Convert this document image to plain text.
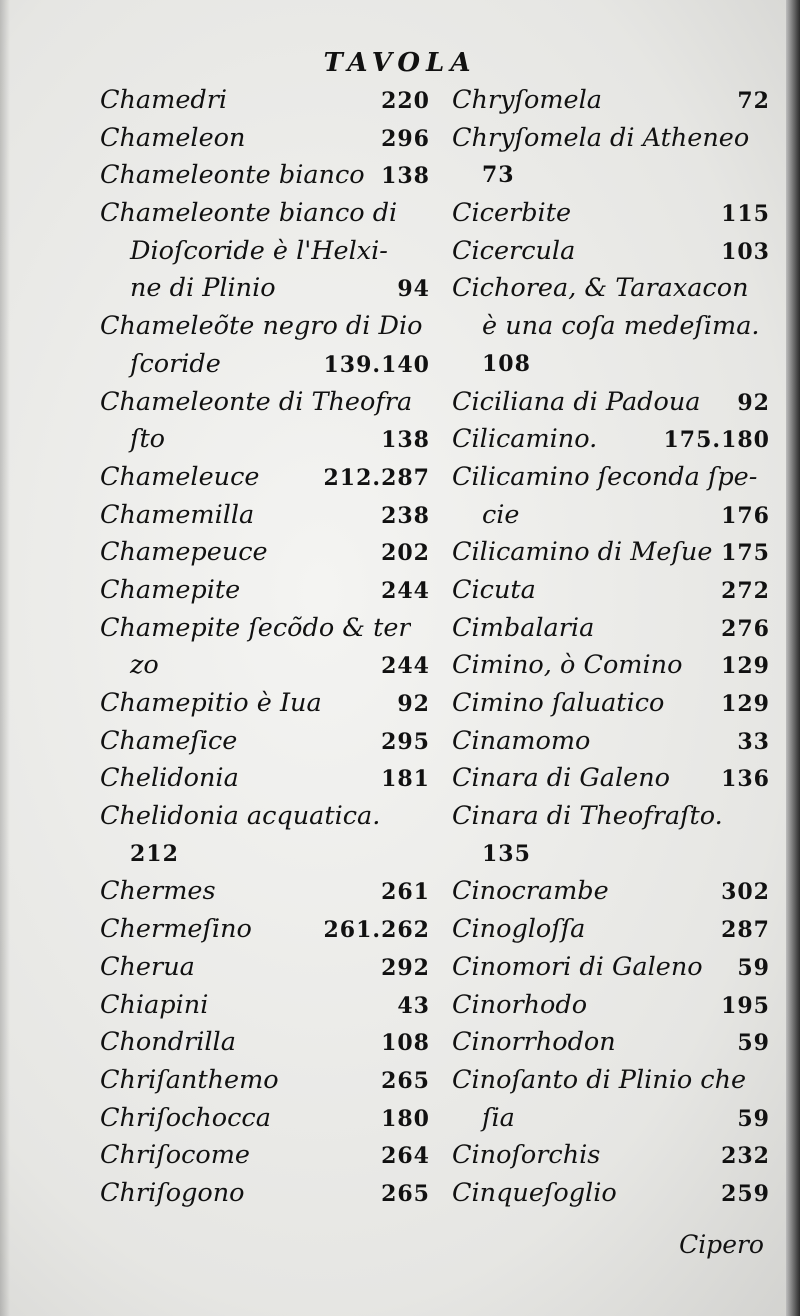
TAVOLA
Chamedri	220
Chameleon	296
Chameleonte bianco 138
Chameleonte bianco di
Dioſcoride è l'Helxi-
ne di Plinio	94
Chameleõte negro di Dio
ſcoride	139.140
Chameleonte di Theofra
ſto	138
Chameleuce	212.287
Chamemilla	238
Chamepeuce	202
Chamepite	244
Chamepite ſecõdo & ter
zo	244
Chamepitio è Iua	92
Chameſice	295
Chelidonia	181
Chelidonia acquatica.
212
Chermes	261
Chermeſino	261.262
Cherua	292
Chiapini	43
Chondrilla	108
Chriſanthemo	265
Chriſochocca	180
Chriſocome	264
Chriſogono	265
Chryſomela	72
Chryſomela di Atheneo
73
Cicerbite	115
Cicercula	103
Cichorea, & Taraxacon
è una coſa medeſima.
108
Ciciliana di Padoua 92
Cilicamino.	175.180
Cilicamino ſeconda ſpe-
cie	176
Cilicamino di Meſue 175
Cicuta	272
Cimbalaria	276
Cimino, ò Comino 129
Cimino ſaluatico	129
Cinamomo	33
Cinara di Galeno 136
Cinara di Theofraſto.
135
Cinocrambe	302
Cinogloſſa	287
Cinomori di Galeno 59
Cinorhodo	195
Cinorrhodon	59
Cinoſanto di Plinio che
ſia	59
Cinoſorchis	232
Cinqueſoglio	259
Cipero
